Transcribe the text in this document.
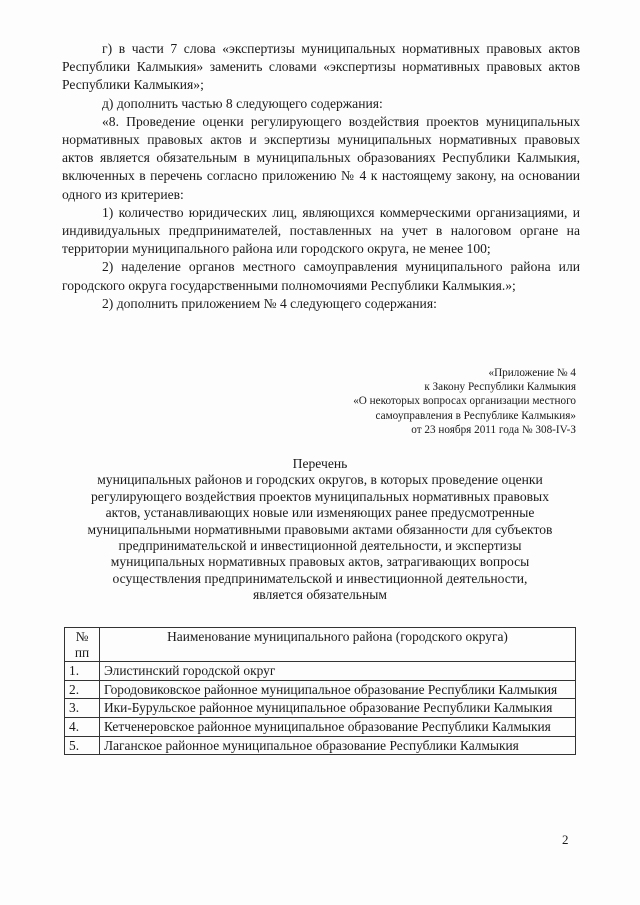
г) в части 7 слова «экспертизы муниципальных нормативных правовых актов Республики Калмыкия» заменить словами «экспертизы нормативных правовых актов Республики Калмыкия»;

д) дополнить частью 8 следующего содержания:

«8. Проведение оценки регулирующего воздействия проектов муниципальных нормативных правовых актов и экспертизы муниципальных нормативных правовых актов является обязательным в муниципальных образованиях Республики Калмыкия, включенных в перечень согласно приложению № 4 к настоящему закону, на основании одного из критериев:

1) количество юридических лиц, являющихся коммерческими организациями, и индивидуальных предпринимателей, поставленных на учет в налоговом органе на территории муниципального района или городского округа, не менее 100;

2) наделение органов местного самоуправления муниципального района или городского округа государственными полномочиями Республики Калмыкия.»;

2) дополнить приложением № 4 следующего содержания:

«Приложение № 4
к Закону Республики Калмыкия
«О некоторых вопросах организации местного
самоуправления в Республике Калмыкия»
от 23 ноября 2011 года № 308-IV-З
Перечень
муниципальных районов и городских округов, в которых проведение оценки
регулирующего воздействия проектов муниципальных нормативных правовых
актов, устанавливающих новые или изменяющих ранее предусмотренные
муниципальными нормативными правовыми актами обязанности для субъектов
предпринимательской и инвестиционной деятельности, и экспертизы
муниципальных нормативных правовых актов, затрагивающих вопросы
осуществления предпринимательской и инвестиционной деятельности,
является обязательным
№ пп	Наименование муниципального района (городского округа)
1.	Элистинский городской округ
2.	Городовиковское районное муниципальное образование Республики Калмыкия
3.	Ики-Бурульское районное муниципальное образование Республики Калмыкия
4.	Кетченеровское районное муниципальное образование Республики Калмыкия
5.	Лаганское районное муниципальное образование Республики Калмыкия
2
